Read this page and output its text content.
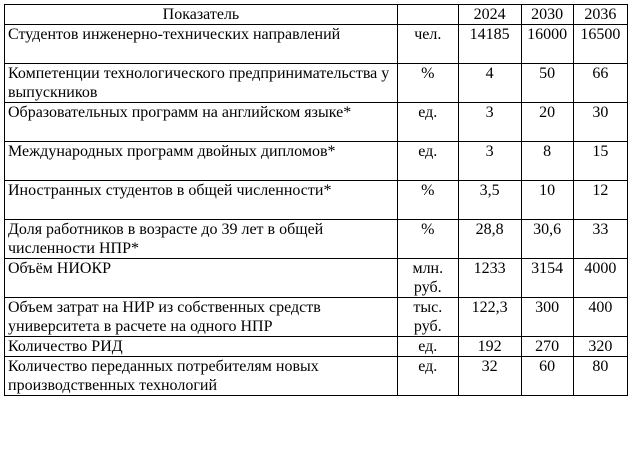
Показатель		2024	2030	2036
Студентов инженерно-технических направлений	чел.	14185	16000	16500
Компетенции технологического предпринимательства у выпускников	%	4	50	66
Образовательных программ на английском языке*	ед.	3	20	30
Международных программ двойных дипломов*	ед.	3	8	15
Иностранных студентов в общей численности*	%	3,5	10	12
Доля работников в возрасте до 39 лет в общей численности НПР*	%	28,8	30,6	33
Объём НИОКР	млн. руб.	1233	3154	4000
Объем затрат на НИР из собственных средств университета в расчете на одного НПР	тыс. руб.	122,3	300	400
Количество РИД	ед.	192	270	320
Количество переданных потребителям новых производственных технологий	ед.	32	60	80
